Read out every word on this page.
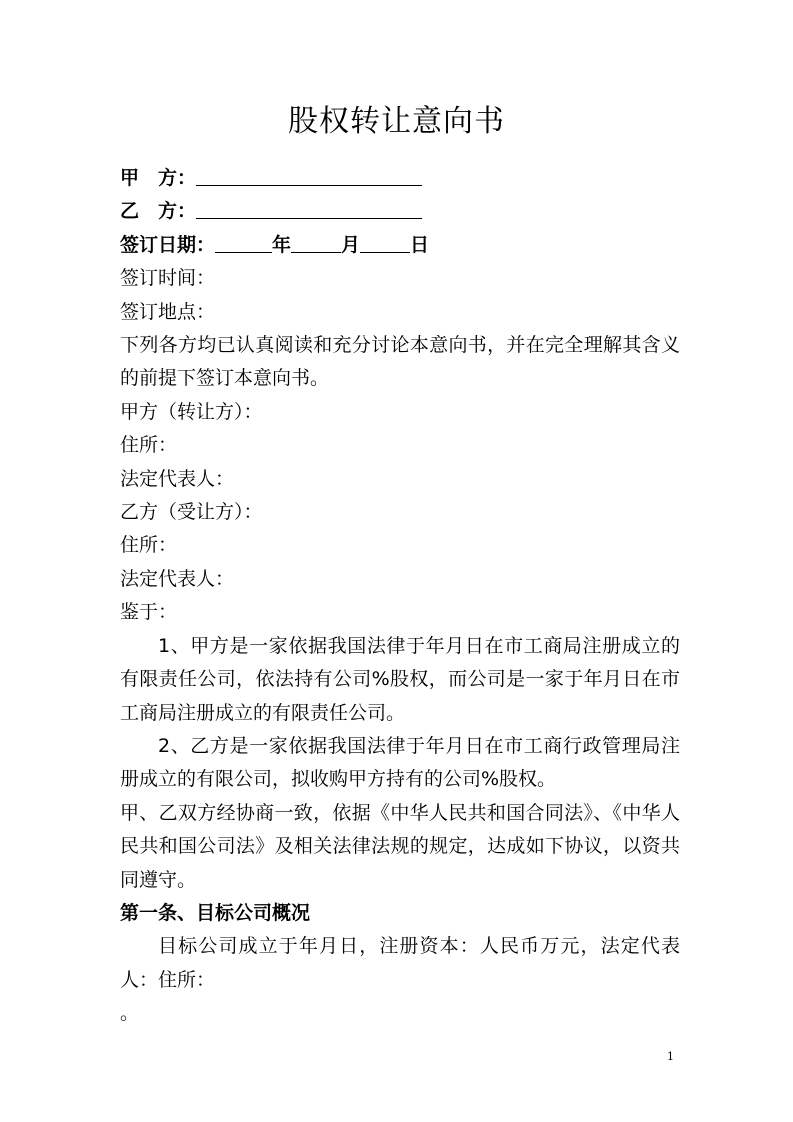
股权转让意向书

甲　方：

乙　方：

签订日期：	年	月	日

签订时间：

签订地点：

下列各方均已认真阅读和充分讨论本意向书，并在完全理解其含义的前提下签订本意向书。

甲方（转让方）：

住所：

法定代表人：

乙方（受让方）：

住所：

法定代表人：

鉴于：

1、甲方是一家依据我国法律于年月日在市工商局注册成立的有限责任公司，依法持有公司%股权，而公司是一家于年月日在市工商局注册成立的有限责任公司。

2、乙方是一家依据我国法律于年月日在市工商行政管理局注册成立的有限公司，拟收购甲方持有的公司%股权。

甲、乙双方经协商一致，依据《中华人民共和国合同法》、《中华人民共和国公司法》及相关法律法规的规定，达成如下协议，以资共同遵守。

第一条、目标公司概况

目标公司成立于年月日，注册资本：人民币万元，法定代表人：住所：

。

1
